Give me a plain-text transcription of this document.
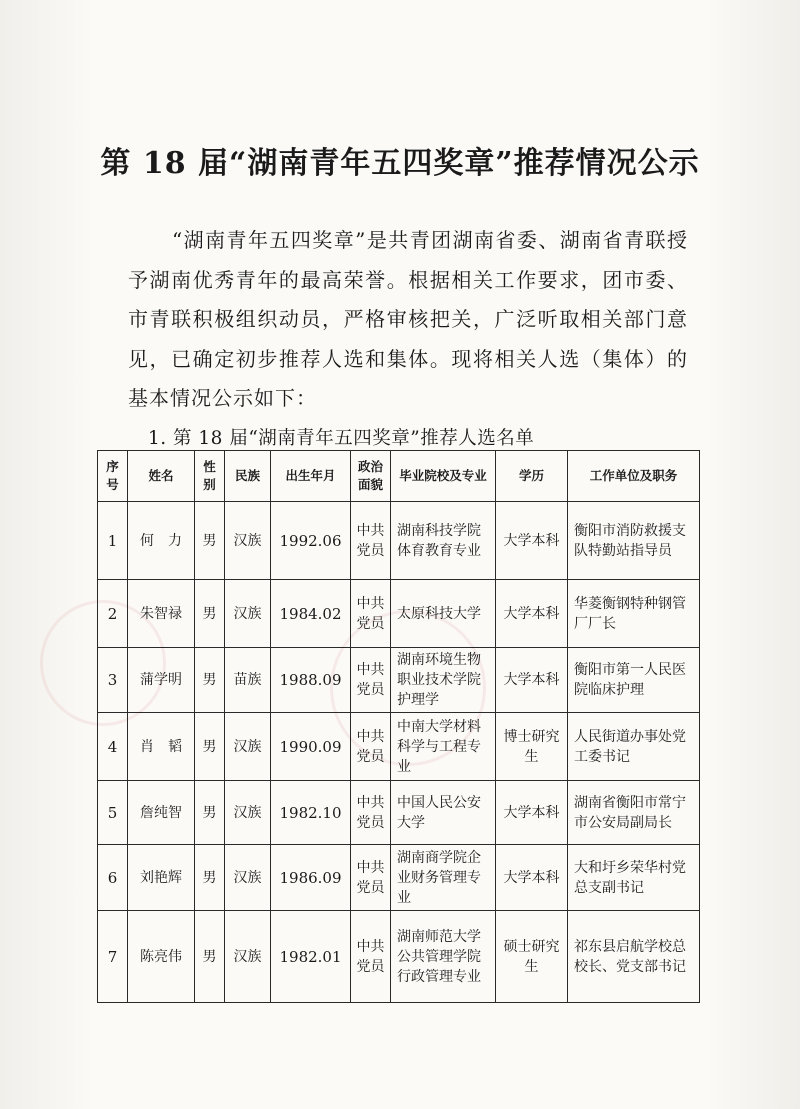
第 18 届“湖南青年五四奖章”推荐情况公示

“湖南青年五四奖章”是共青团湖南省委、湖南省青联授予湖南优秀青年的最高荣誉。根据相关工作要求，团市委、市青联积极组织动员，严格审核把关，广泛听取相关部门意见，已确定初步推荐人选和集体。现将相关人选（集体）的基本情况公示如下：

1. 第 18 届“湖南青年五四奖章”推荐人选名单

序号	姓名	性别	民族	出生年月	政治面貌	毕业院校及专业	学历	工作单位及职务
1	何　力	男	汉族	1992.06	中共党员	湖南科技学院体育教育专业	大学本科	衡阳市消防救援支队特勤站指导员
2	朱智禄	男	汉族	1984.02	中共党员	太原科技大学	大学本科	华菱衡钢特种钢管厂厂长
3	蒲学明	男	苗族	1988.09	中共党员	湖南环境生物职业技术学院护理学	大学本科	衡阳市第一人民医院临床护理
4	肖　韬	男	汉族	1990.09	中共党员	中南大学材料科学与工程专业	博士研究生	人民街道办事处党工委书记
5	詹纯智	男	汉族	1982.10	中共党员	中国人民公安大学	大学本科	湖南省衡阳市常宁市公安局副局长
6	刘艳辉	男	汉族	1986.09	中共党员	湖南商学院企业财务管理专业	大学本科	大和圩乡荣华村党总支副书记
7	陈亮伟	男	汉族	1982.01	中共党员	湖南师范大学公共管理学院行政管理专业	硕士研究生	祁东县启航学校总校长、党支部书记
